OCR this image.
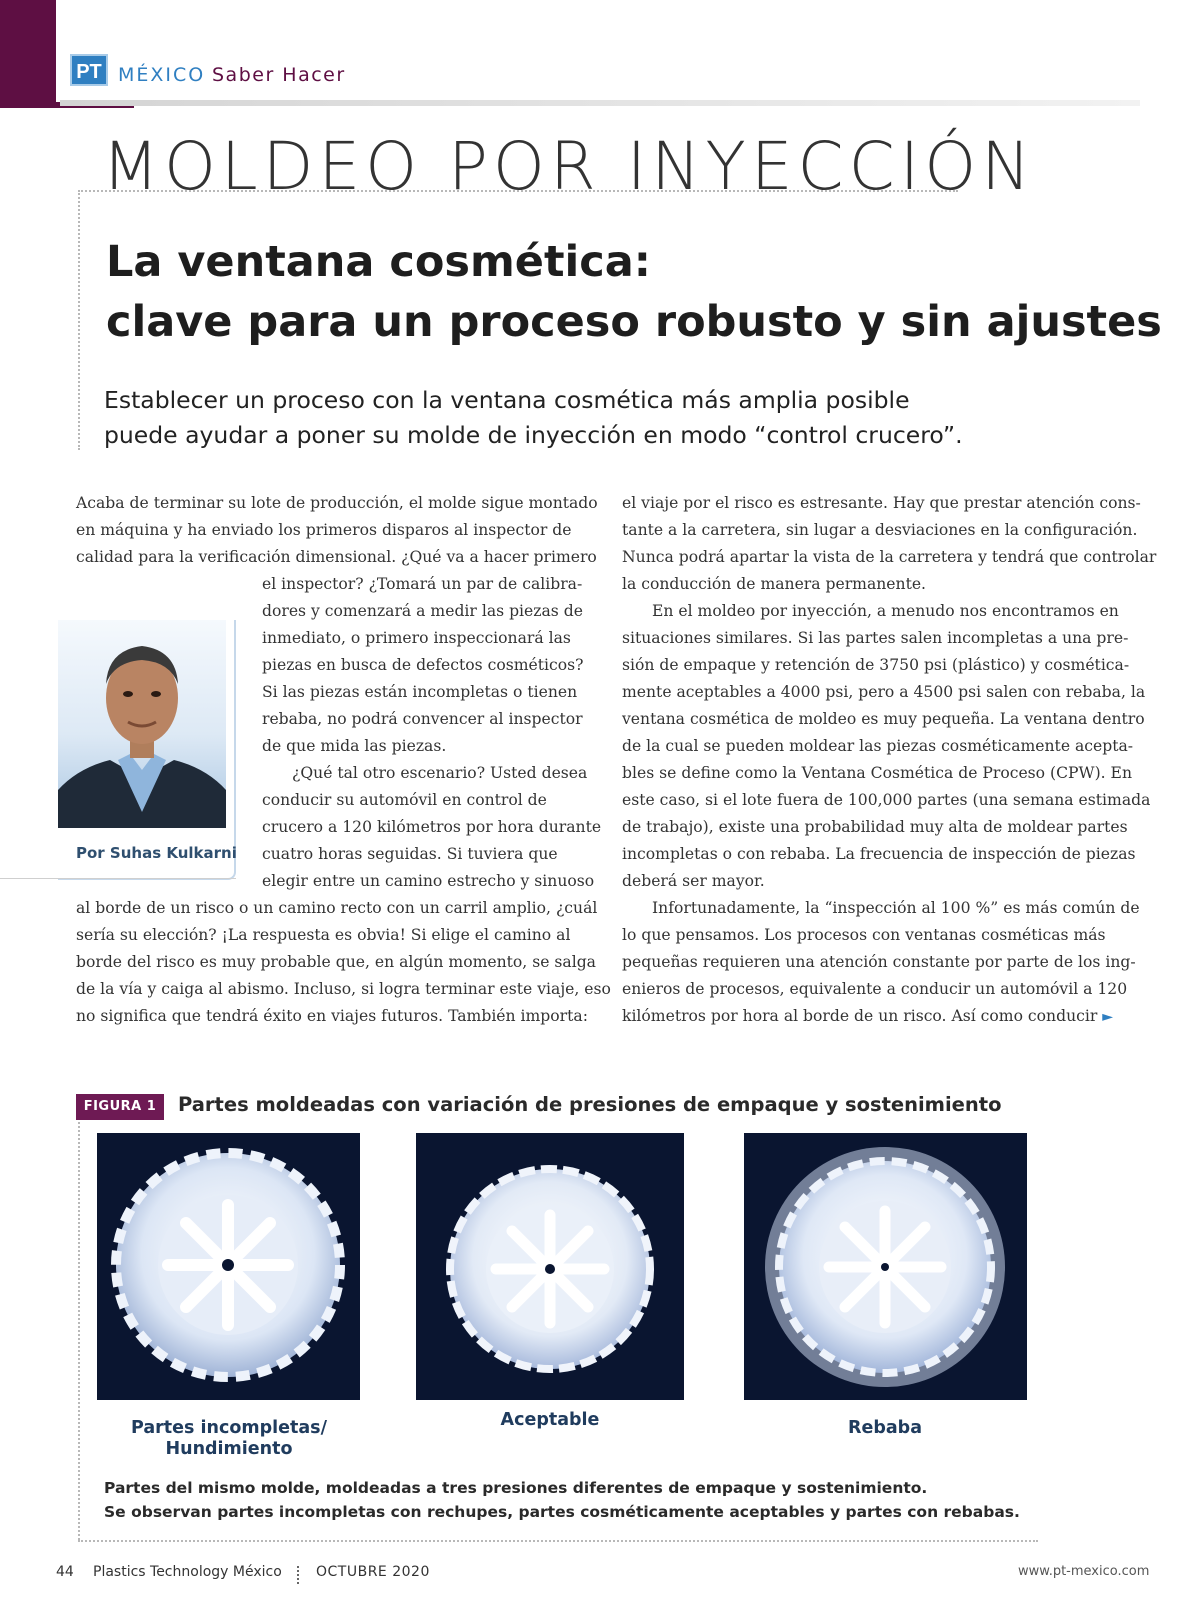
PT MÉXICO Saber Hacer
MOLDEO POR INYECCIÓN
La ventana cosmética:
clave para un proceso robusto y sin ajustes
Establecer un proceso con la ventana cosmética más amplia posible
puede ayudar a poner su molde de inyección en modo “control crucero”.
Por Suhas Kulkarni
Acaba de terminar su lote de producción, el molde sigue montado
en máquina y ha enviado los primeros disparos al inspector de
calidad para la verificación dimensional. ¿Qué va a hacer primero
el inspector? ¿Tomará un par de calibra-
dores y comenzará a medir las piezas de
inmediato, o primero inspeccionará las
piezas en busca de defectos cosméticos?
Si las piezas están incompletas o tienen
rebaba, no podrá convencer al inspector
de que mida las piezas.
¿Qué tal otro escenario? Usted desea
conducir su automóvil en control de
crucero a 120 kilómetros por hora durante
cuatro horas seguidas. Si tuviera que
elegir entre un camino estrecho y sinuoso
al borde de un risco o un camino recto con un carril amplio, ¿cuál
sería su elección? ¡La respuesta es obvia! Si elige el camino al
borde del risco es muy probable que, en algún momento, se salga
de la vía y caiga al abismo. Incluso, si logra terminar este viaje, eso
no significa que tendrá éxito en viajes futuros. También importa:
el viaje por el risco es estresante. Hay que prestar atención cons-
tante a la carretera, sin lugar a desviaciones en la configuración.
Nunca podrá apartar la vista de la carretera y tendrá que controlar
la conducción de manera permanente.
En el moldeo por inyección, a menudo nos encontramos en
situaciones similares. Si las partes salen incompletas a una pre-
sión de empaque y retención de 3750 psi (plástico) y cosmética-
mente aceptables a 4000 psi, pero a 4500 psi salen con rebaba, la
ventana cosmética de moldeo es muy pequeña. La ventana dentro
de la cual se pueden moldear las piezas cosméticamente acepta-
bles se define como la Ventana Cosmética de Proceso (CPW). En
este caso, si el lote fuera de 100,000 partes (una semana estimada
de trabajo), existe una probabilidad muy alta de moldear partes
incompletas o con rebaba. La frecuencia de inspección de piezas
deberá ser mayor.
Infortunadamente, la “inspección al 100 %” es más común de
lo que pensamos. Los procesos con ventanas cosméticas más
pequeñas requieren una atención constante por parte de los ing-
enieros de procesos, equivalente a conducir un automóvil a 120
kilómetros por hora al borde de un risco. Así como conducir ►
FIGURA 1	Partes moldeadas con variación de presiones de empaque y sostenimiento
Partes incompletas/
Hundimiento
Aceptable	Rebaba
Partes del mismo molde, moldeadas a tres presiones diferentes de empaque y sostenimiento.
Se observan partes incompletas con rechupes, partes cosméticamente aceptables y partes con rebabas.
44 Plastics Technology México OCTUBRE 2020	www.pt-mexico.com
